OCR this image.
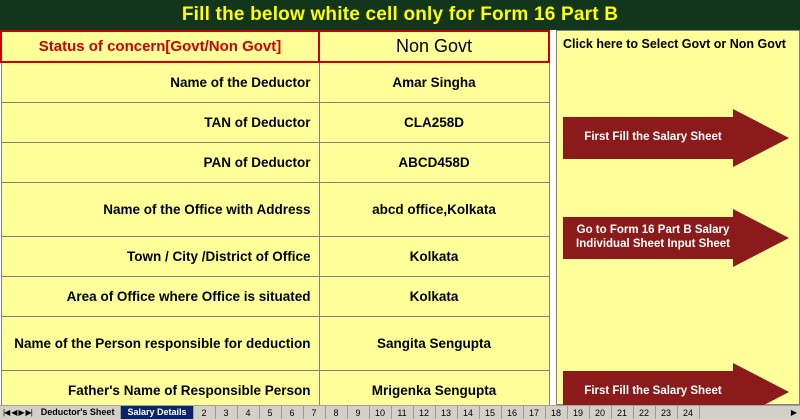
Fill the below white cell only for Form 16 Part B
Status of concern[Govt/Non Govt]	Non Govt
Name of the Deductor	Amar Singha
TAN of Deductor	CLA258D
PAN of Deductor	ABCD458D
Name of the Office with Address	abcd office,Kolkata
Town / City /District of Office	Kolkata
Area of Office where Office is situated	Kolkata
Name of the Person responsible for deduction	Sangita Sengupta
Father's Name of Responsible Person	Mrigenka Sengupta
Click here to Select Govt or Non Govt
First Fill the Salary Sheet
Go to Form 16 Part B Salary Individual Sheet Input Sheet
First Fill the Salary Sheet
|◀ ◀ ▶ ▶|	Deductor's Sheet	Salary Details	2	3	4	5	6	7	8	9	10	11	12	13	14	15	16	17	18	19	20	21	22	23	24	▶
